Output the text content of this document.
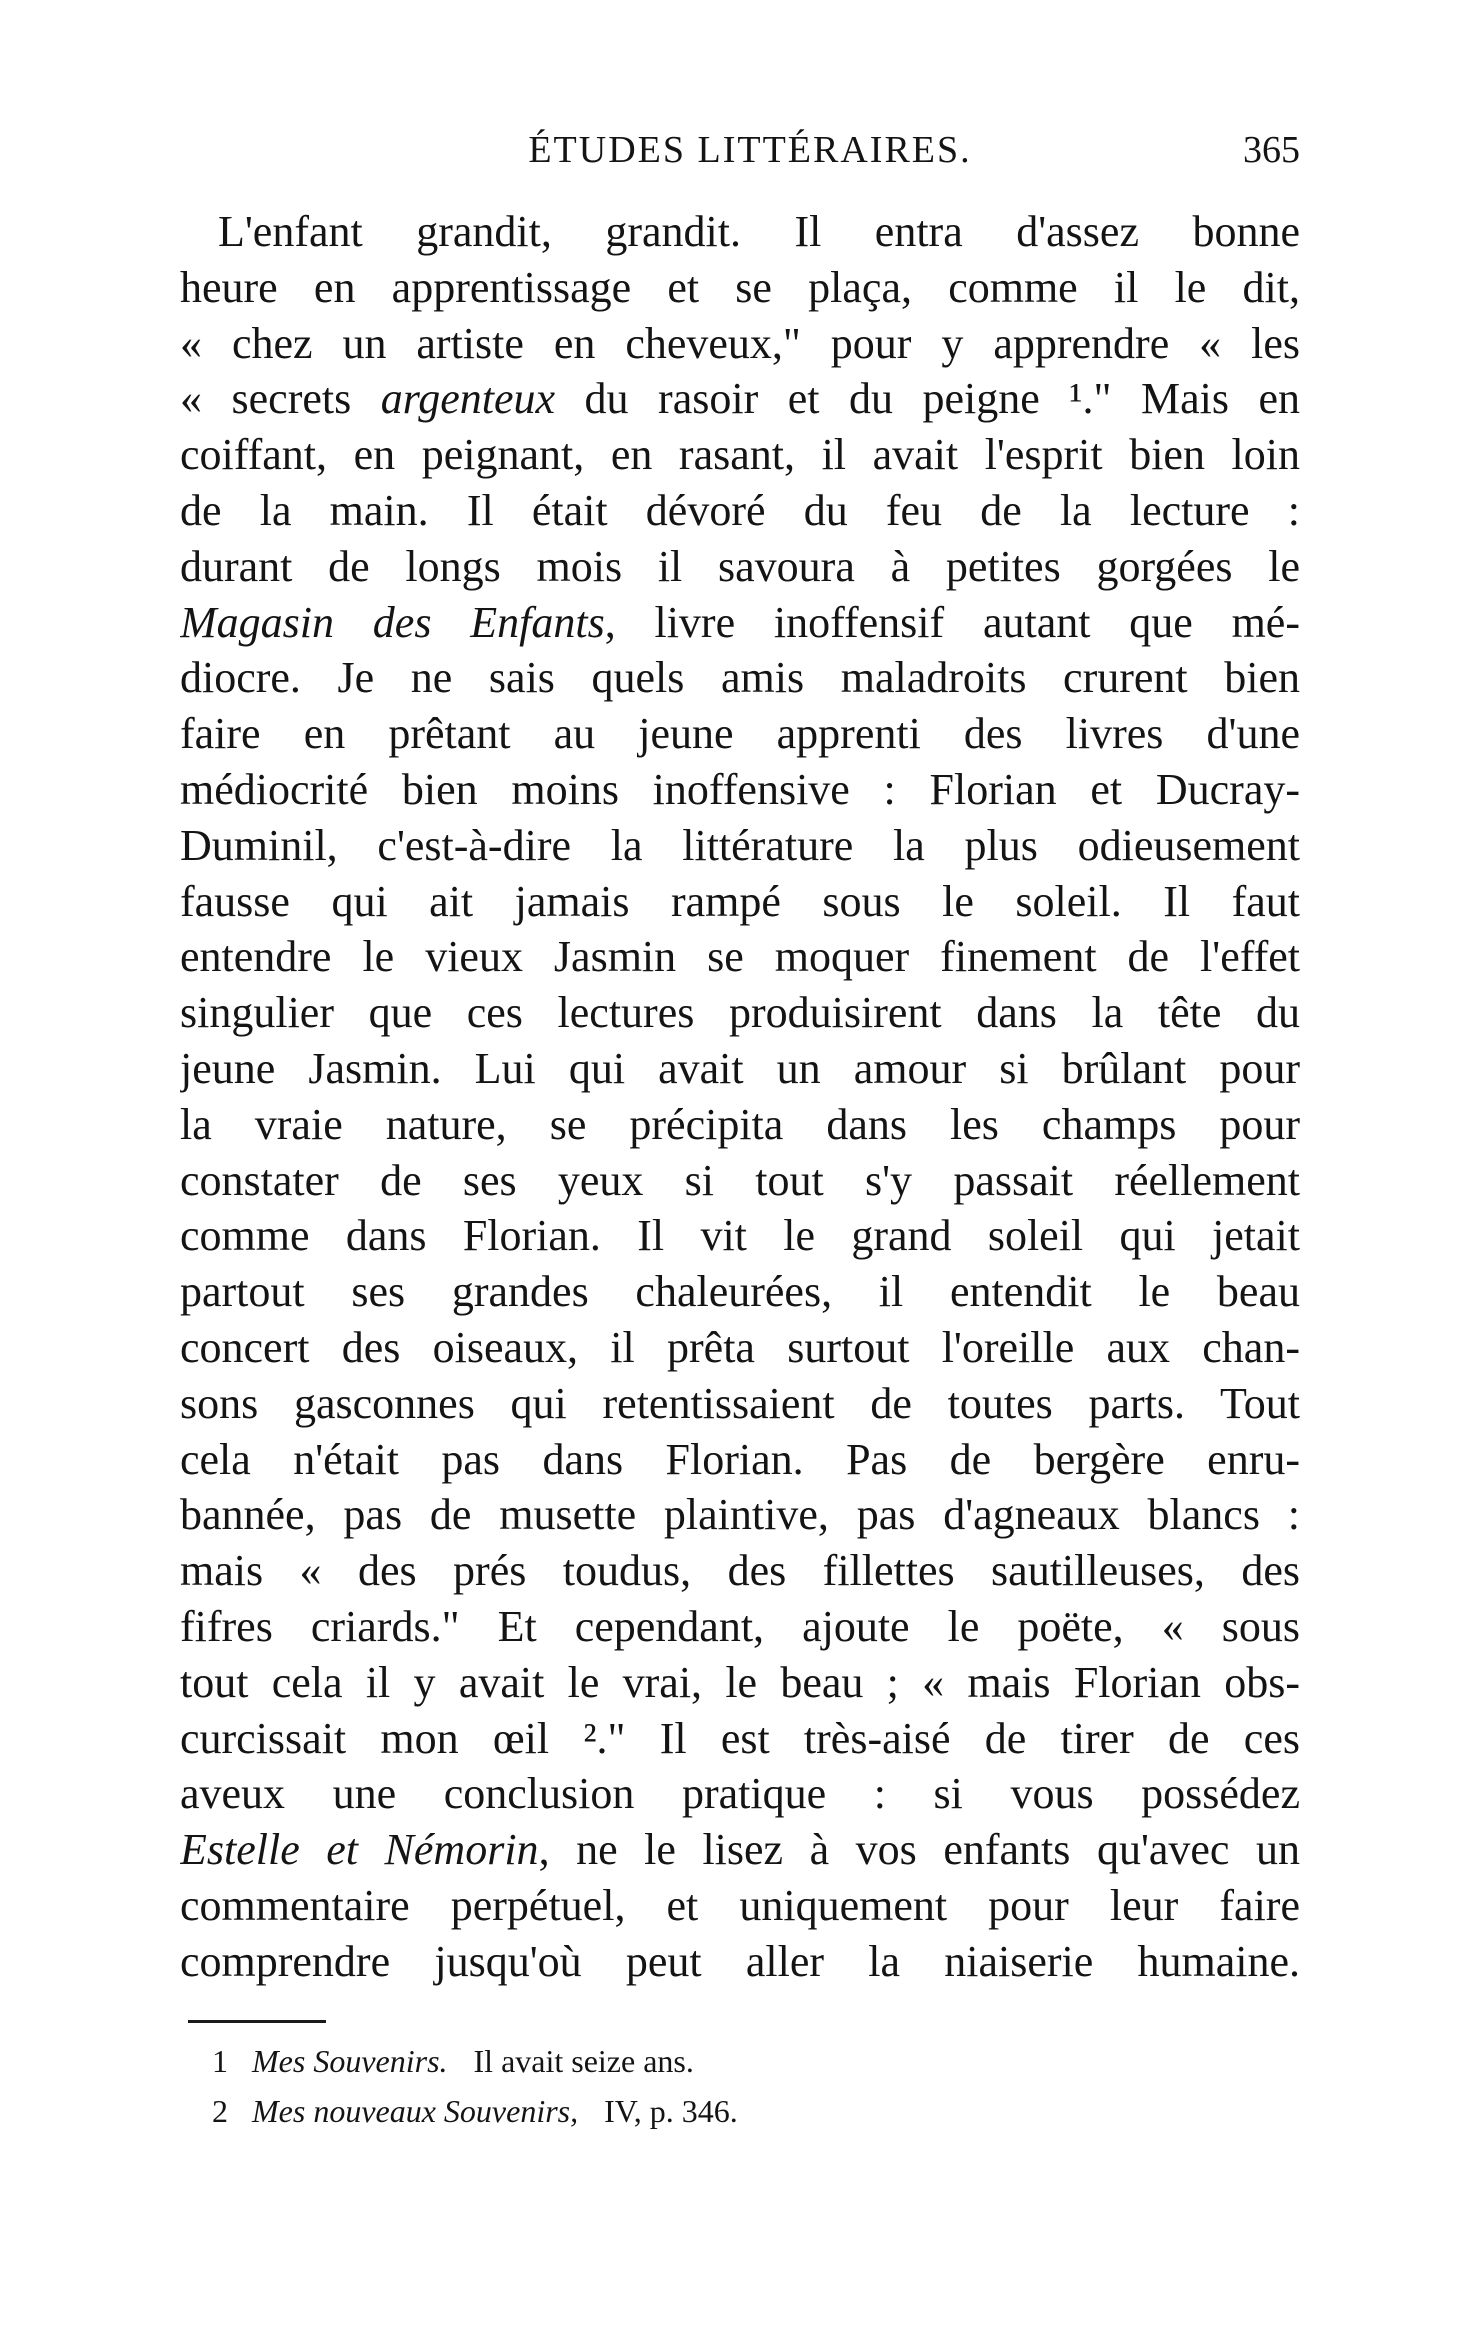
ÉTUDES LITTÉRAIRES.	365
L'enfant grandit, grandit. Il entra d'assez bonne
heure en apprentissage et se plaça, comme il le dit,
« chez un artiste en cheveux," pour y apprendre « les
« secrets argenteux du rasoir et du peigne ¹." Mais en
coiffant, en peignant, en rasant, il avait l'esprit bien loin
de la main. Il était dévoré du feu de la lecture :
durant de longs mois il savoura à petites gorgées le
Magasin des Enfants, livre inoffensif autant que mé-
diocre. Je ne sais quels amis maladroits crurent bien
faire en prêtant au jeune apprenti des livres d'une
médiocrité bien moins inoffensive : Florian et Ducray-
Duminil, c'est-à-dire la littérature la plus odieusement
fausse qui ait jamais rampé sous le soleil. Il faut
entendre le vieux Jasmin se moquer finement de l'effet
singulier que ces lectures produisirent dans la tête du
jeune Jasmin. Lui qui avait un amour si brûlant pour
la vraie nature, se précipita dans les champs pour
constater de ses yeux si tout s'y passait réellement
comme dans Florian. Il vit le grand soleil qui jetait
partout ses grandes chaleurées, il entendit le beau
concert des oiseaux, il prêta surtout l'oreille aux chan-
sons gasconnes qui retentissaient de toutes parts. Tout
cela n'était pas dans Florian. Pas de bergère enru-
bannée, pas de musette plaintive, pas d'agneaux blancs :
mais « des prés toudus, des fillettes sautilleuses, des
fifres criards." Et cependant, ajoute le poëte, « sous
tout cela il y avait le vrai, le beau ; « mais Florian obs-
curcissait mon œil ²." Il est très-aisé de tirer de ces
aveux une conclusion pratique : si vous possédez
Estelle et Némorin, ne le lisez à vos enfants qu'avec un
commentaire perpétuel, et uniquement pour leur faire
comprendre jusqu'où peut aller la niaiserie humaine.
1 Mes Souvenirs. Il avait seize ans.
2 Mes nouveaux Souvenirs, IV, p. 346.
